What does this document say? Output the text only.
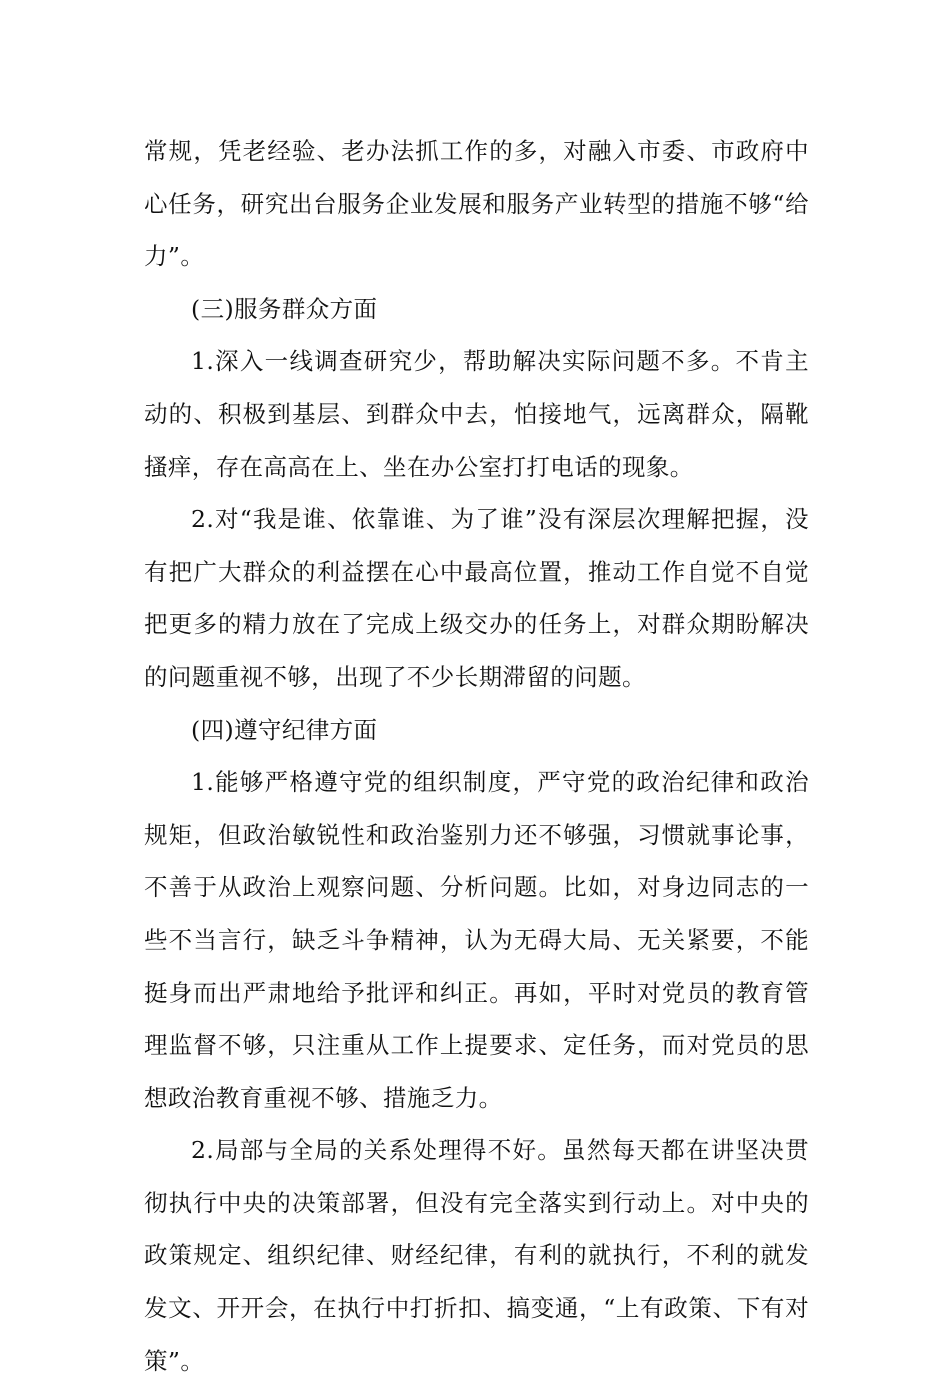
常规，凭老经验、老办法抓工作的多，对融入市委、市政府中心任务，研究出台服务企业发展和服务产业转型的措施不够“给力”。

(三)服务群众方面

1.深入一线调查研究少，帮助解决实际问题不多。不肯主动的、积极到基层、到群众中去，怕接地气，远离群众，隔靴搔痒，存在高高在上、坐在办公室打打电话的现象。

2.对“我是谁、依靠谁、为了谁”没有深层次理解把握，没有把广大群众的利益摆在心中最高位置，推动工作自觉不自觉把更多的精力放在了完成上级交办的任务上，对群众期盼解决的问题重视不够，出现了不少长期滞留的问题。

(四)遵守纪律方面

1.能够严格遵守党的组织制度，严守党的政治纪律和政治规矩，但政治敏锐性和政治鉴别力还不够强，习惯就事论事，不善于从政治上观察问题、分析问题。比如，对身边同志的一些不当言行，缺乏斗争精神，认为无碍大局、无关紧要，不能挺身而出严肃地给予批评和纠正。再如，平时对党员的教育管理监督不够，只注重从工作上提要求、定任务，而对党员的思想政治教育重视不够、措施乏力。

2.局部与全局的关系处理得不好。虽然每天都在讲坚决贯彻执行中央的决策部署，但没有完全落实到行动上。对中央的政策规定、组织纪律、财经纪律，有利的就执行，不利的就发发文、开开会，在执行中打折扣、搞变通，“上有政策、下有对策”。
